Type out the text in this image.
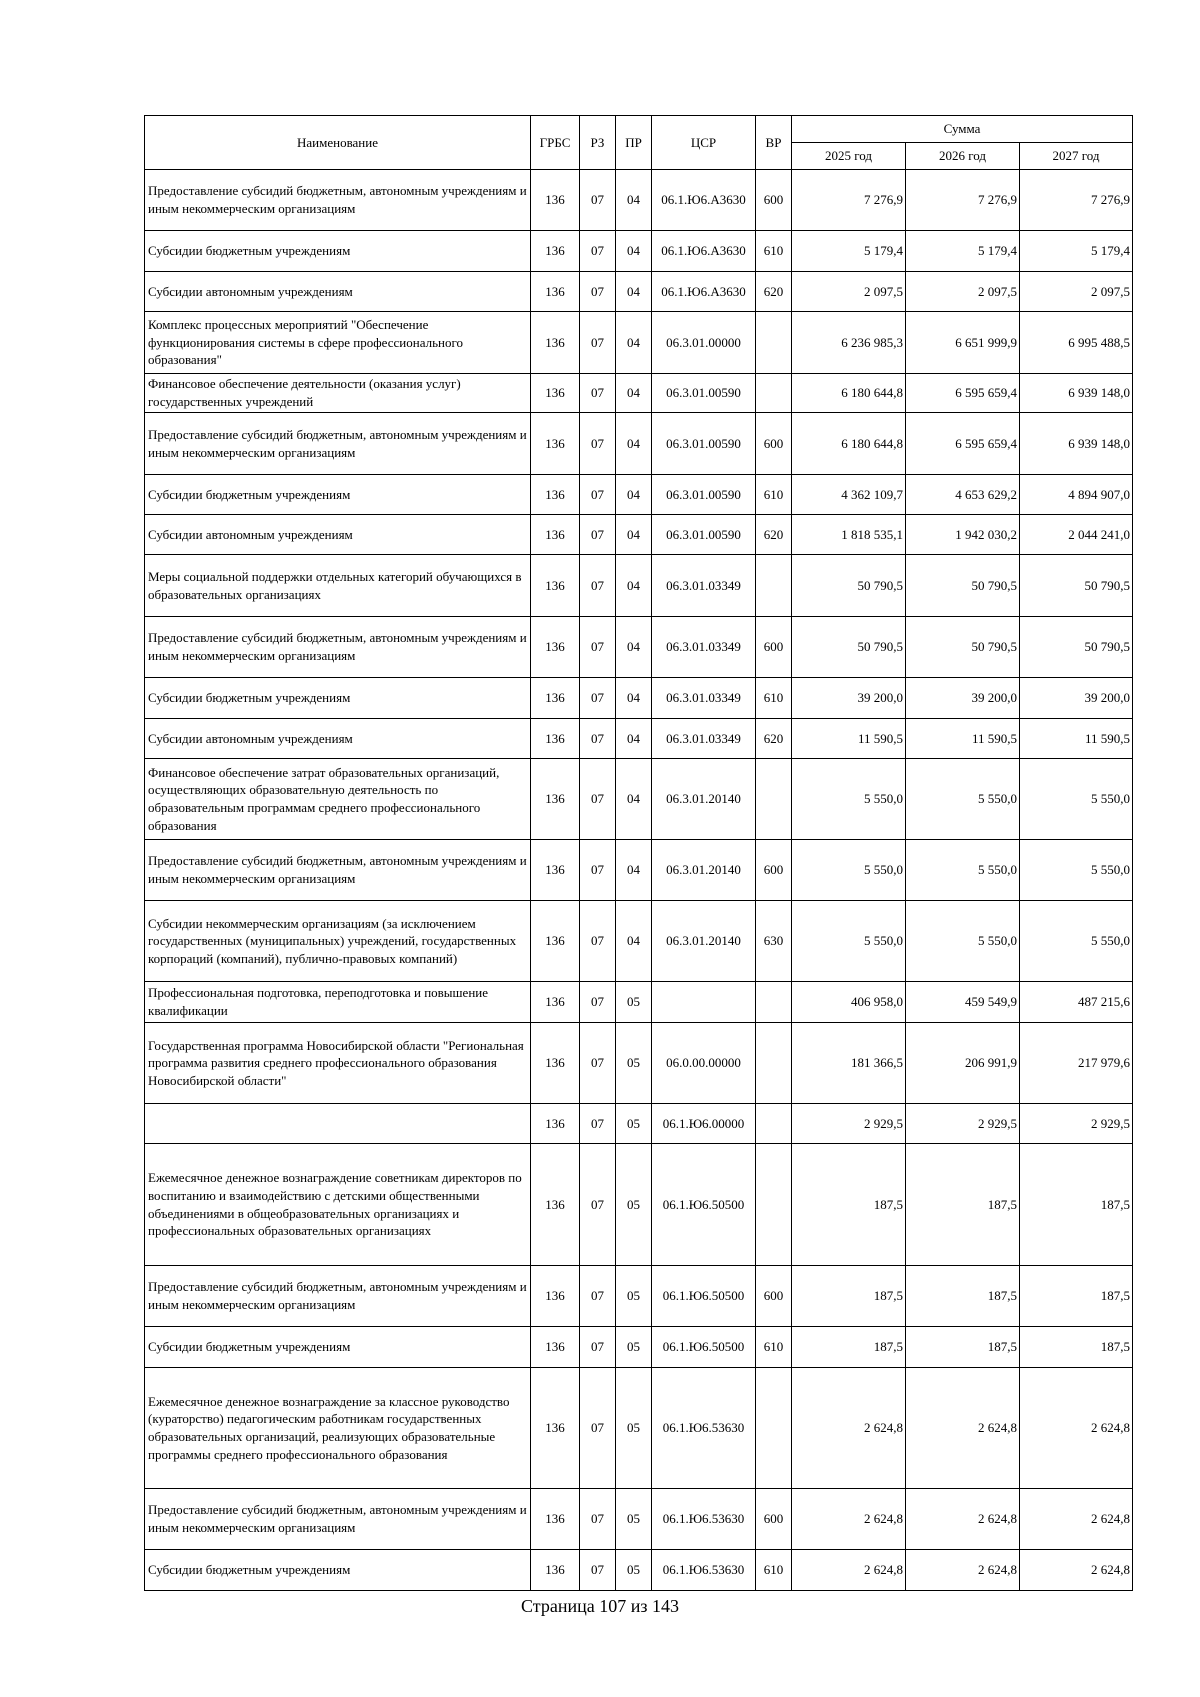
Наименование	ГРБС	РЗ	ПР	ЦСР	ВР	Сумма		
						2025 год	2026 год	2027 год
Предоставление субсидий бюджетным, автономным учреждениям и иным некоммерческим организациям	136	07	04	06.1.Ю6.А3630	600	7 276,9	7 276,9	7 276,9
Субсидии бюджетным учреждениям	136	07	04	06.1.Ю6.А3630	610	5 179,4	5 179,4	5 179,4
Субсидии автономным учреждениям	136	07	04	06.1.Ю6.А3630	620	2 097,5	2 097,5	2 097,5
Комплекс процессных мероприятий "Обеспечение функционирования системы в сфере профессионального образования"	136	07	04	06.3.01.00000		6 236 985,3	6 651 999,9	6 995 488,5
Финансовое обеспечение деятельности (оказания услуг) государственных учреждений	136	07	04	06.3.01.00590		6 180 644,8	6 595 659,4	6 939 148,0
Предоставление субсидий бюджетным, автономным учреждениям и иным некоммерческим организациям	136	07	04	06.3.01.00590	600	6 180 644,8	6 595 659,4	6 939 148,0
Субсидии бюджетным учреждениям	136	07	04	06.3.01.00590	610	4 362 109,7	4 653 629,2	4 894 907,0
Субсидии автономным учреждениям	136	07	04	06.3.01.00590	620	1 818 535,1	1 942 030,2	2 044 241,0
Меры социальной поддержки отдельных категорий обучающихся в образовательных организациях	136	07	04	06.3.01.03349		50 790,5	50 790,5	50 790,5
Предоставление субсидий бюджетным, автономным учреждениям и иным некоммерческим организациям	136	07	04	06.3.01.03349	600	50 790,5	50 790,5	50 790,5
Субсидии бюджетным учреждениям	136	07	04	06.3.01.03349	610	39 200,0	39 200,0	39 200,0
Субсидии автономным учреждениям	136	07	04	06.3.01.03349	620	11 590,5	11 590,5	11 590,5
Финансовое обеспечение затрат образовательных организаций, осуществляющих образовательную деятельность по образовательным программам среднего профессионального образования	136	07	04	06.3.01.20140		5 550,0	5 550,0	5 550,0
Предоставление субсидий бюджетным, автономным учреждениям и иным некоммерческим организациям	136	07	04	06.3.01.20140	600	5 550,0	5 550,0	5 550,0
Субсидии некоммерческим организациям (за исключением государственных (муниципальных) учреждений, государственных корпораций (компаний), публично-правовых компаний)	136	07	04	06.3.01.20140	630	5 550,0	5 550,0	5 550,0
Профессиональная подготовка, переподготовка и повышение квалификации	136	07	05			406 958,0	459 549,9	487 215,6
Государственная программа Новосибирской области "Региональная программа развития среднего профессионального образования Новосибирской области"	136	07	05	06.0.00.00000		181 366,5	206 991,9	217 979,6
	136	07	05	06.1.Ю6.00000		2 929,5	2 929,5	2 929,5
Ежемесячное денежное вознаграждение советникам директоров по воспитанию и взаимодействию с детскими общественными объединениями в общеобразовательных организациях и профессиональных образовательных организациях	136	07	05	06.1.Ю6.50500		187,5	187,5	187,5
Предоставление субсидий бюджетным, автономным учреждениям и иным некоммерческим организациям	136	07	05	06.1.Ю6.50500	600	187,5	187,5	187,5
Субсидии бюджетным учреждениям	136	07	05	06.1.Ю6.50500	610	187,5	187,5	187,5
Ежемесячное денежное вознаграждение за классное руководство (кураторство) педагогическим работникам государственных образовательных организаций, реализующих образовательные программы среднего профессионального образования	136	07	05	06.1.Ю6.53630		2 624,8	2 624,8	2 624,8
Предоставление субсидий бюджетным, автономным учреждениям и иным некоммерческим организациям	136	07	05	06.1.Ю6.53630	600	2 624,8	2 624,8	2 624,8
Субсидии бюджетным учреждениям	136	07	05	06.1.Ю6.53630	610	2 624,8	2 624,8	2 624,8
Страница 107 из 143
